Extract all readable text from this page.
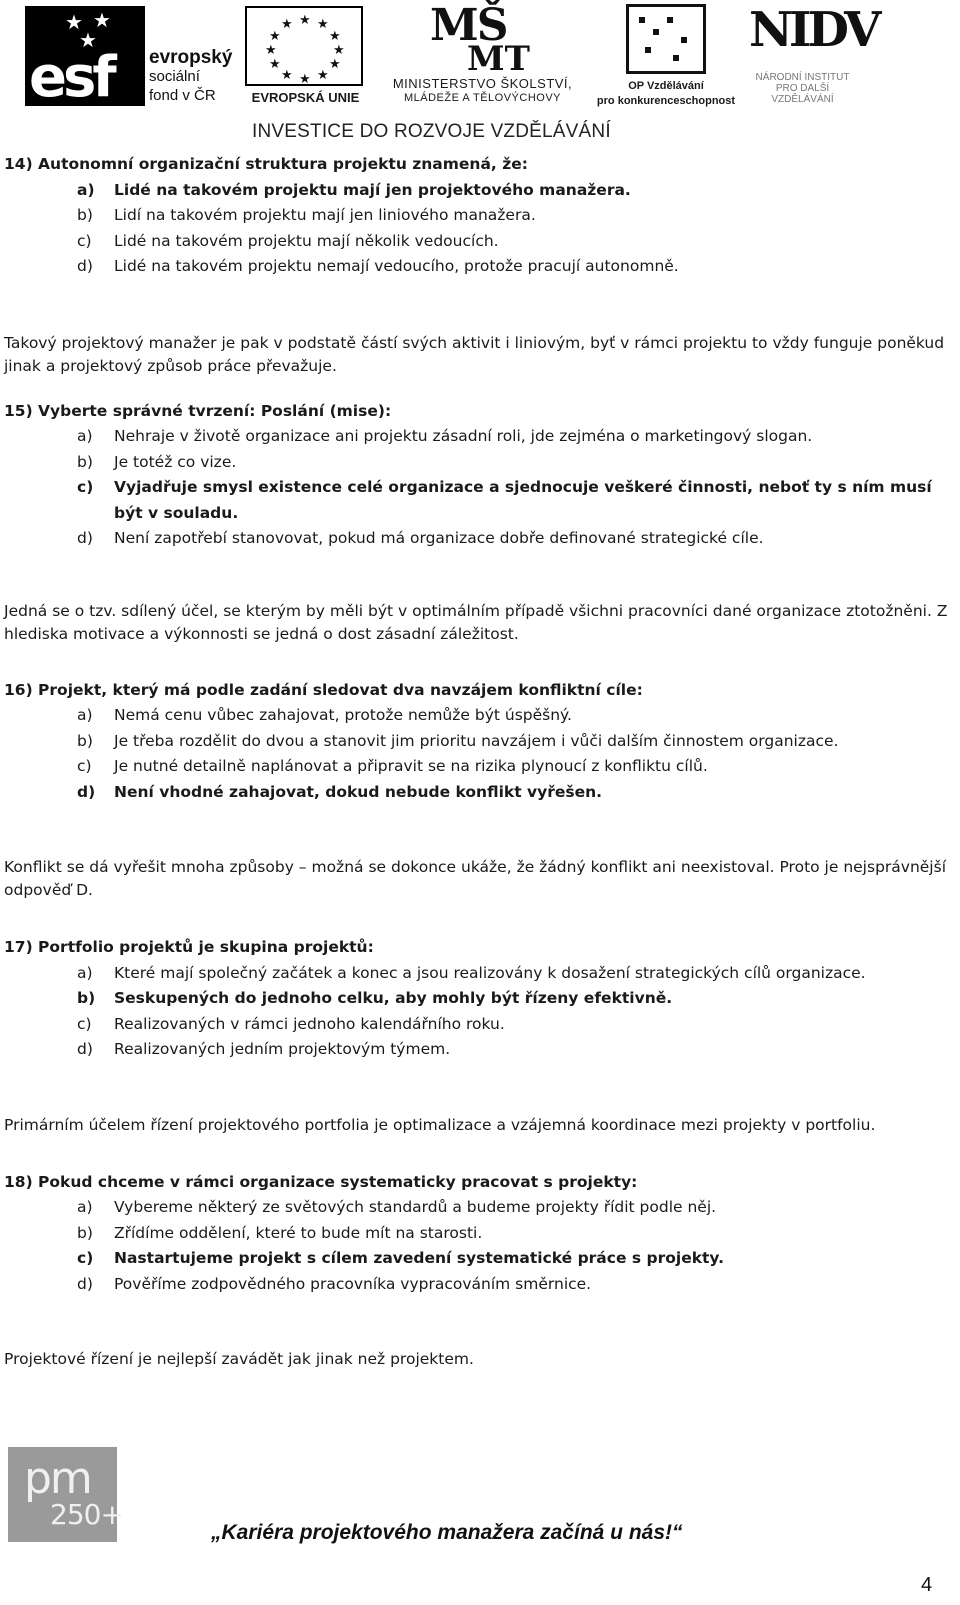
★ ★
★
esf evropský
sociální
fond v ČR
★ ★
★
★
★
★
★
★
★
★
★
★
EVROPSKÁ UNIE
MŠ
MT
MINISTERSTVO ŠKOLSTVÍ,
MLÁDEŽE A TĚLOVÝCHOVY
OP Vzdělávání
pro konkurenceschopnost
NIDV
NÁRODNÍ INSTITUT
PRO DALŠÍ
VZDĚLÁVÁNÍ
INVESTICE DO ROZVOJE VZDĚLÁVÁNÍ

14) Autonomní organizační struktura projektu znamená, že:

a) Lidé na takovém projektu mají jen projektového manažera.
b) Lidí na takovém projektu mají jen liniového manažera.
c) Lidé na takovém projektu mají několik vedoucích.
d) Lidé na takovém projektu nemají vedoucího, protože pracují autonomně.

Takový projektový manažer je pak v podstatě částí svých aktivit i liniovým, byť v rámci projektu to vždy funguje poněkud jinak a projektový způsob práce převažuje.

15) Vyberte správné tvrzení: Poslání (mise):

a) Nehraje v životě organizace ani projektu zásadní roli, jde zejména o marketingový slogan.
b) Je totéž co vize.
c) Vyjadřuje smysl existence celé organizace a sjednocuje veškeré činnosti, neboť ty s ním musí být v souladu.
d) Není zapotřebí stanovovat, pokud má organizace dobře definované strategické cíle.

Jedná se o tzv. sdílený účel, se kterým by měli být v optimálním případě všichni pracovníci dané organizace ztotožněni. Z hlediska motivace a výkonnosti se jedná o dost zásadní záležitost.

16) Projekt, který má podle zadání sledovat dva navzájem konfliktní cíle:

a) Nemá cenu vůbec zahajovat, protože nemůže být úspěšný.
b) Je třeba rozdělit do dvou a stanovit jim prioritu navzájem i vůči dalším činnostem organizace.
c) Je nutné detailně naplánovat a připravit se na rizika plynoucí z konfliktu cílů.
d) Není vhodné zahajovat, dokud nebude konflikt vyřešen.

Konflikt se dá vyřešit mnoha způsoby – možná se dokonce ukáže, že žádný konflikt ani neexistoval. Proto je nejsprávnější odpověď D.

17) Portfolio projektů je skupina projektů:

a) Které mají společný začátek a konec a jsou realizovány k dosažení strategických cílů organizace.
b) Seskupených do jednoho celku, aby mohly být řízeny efektivně.
c) Realizovaných v rámci jednoho kalendářního roku.
d) Realizovaných jedním projektovým týmem.

Primárním účelem řízení projektového portfolia je optimalizace a vzájemná koordinace mezi projekty v portfoliu.

18) Pokud chceme v rámci organizace systematicky pracovat s projekty:

a) Vybereme některý ze světových standardů a budeme projekty řídit podle něj.
b) Zřídíme oddělení, které to bude mít na starosti.
c) Nastartujeme projekt s cílem zavedení systematické práce s projekty.
d) Pověříme zodpovědného pracovníka vypracováním směrnice.

Projektové řízení je nejlepší zavádět jak jinak než projektem.

pm
250+
„Kariéra projektového manažera začíná u nás!“
4
